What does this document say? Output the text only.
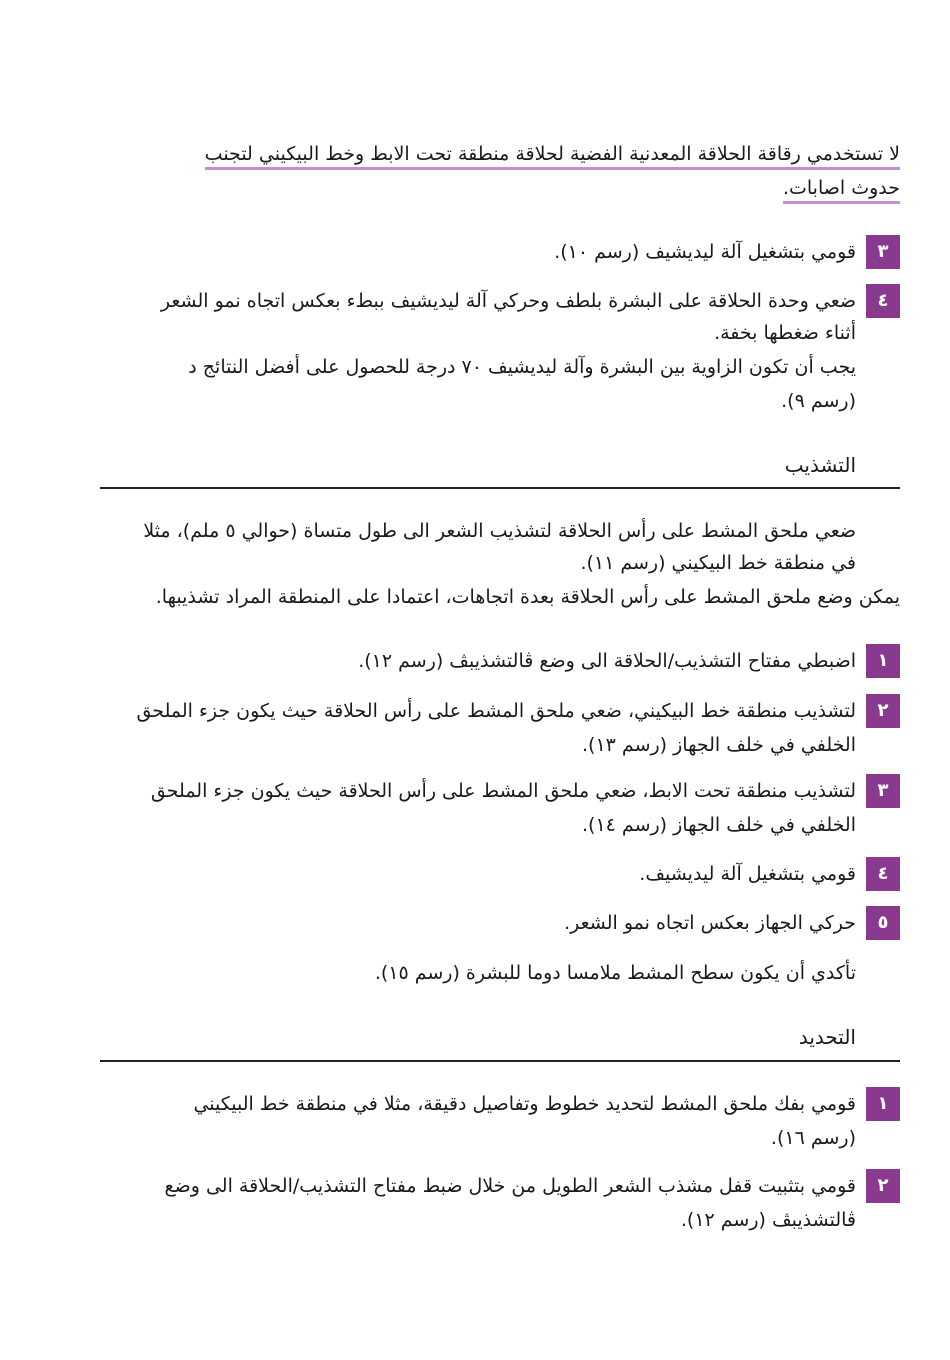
لا تستخدمي رقاقة الحلاقة المعدنية الفضية لحلاقة منطقة تحت الابط وخط البيكيني لتجنب
حدوث اصابات.
٣
قومي بتشغيل آلة ليديشيف (رسم ١٠).
٤
ضعي وحدة الحلاقة على البشرة بلطف وحركي آلة ليديشيف ببطء بعكس اتجاه نمو الشعر
أثناء ضغطها بخفة.
يجب أن تكون الزاوية بين البشرة وآلة ليديشيف ٧٠ درجة للحصول على أفضل النتائج د
(رسم ٩).
التشذيب
ضعي ملحق المشط على رأس الحلاقة لتشذيب الشعر الى طول متساة (حوالي ٥ ملم)، مثلا
في منطقة خط البيكيني (رسم ١١).
يمكن وضع ملحق المشط على رأس الحلاقة بعدة اتجاهات، اعتمادا على المنطقة المراد تشذيبها.
١
اضبطي مفتاح التشذيب/الحلاقة الى وضع ڤالتشذيبڤ (رسم ١٢).
٢
لتشذيب منطقة خط البيكيني، ضعي ملحق المشط على رأس الحلاقة حيث يكون جزء الملحق
الخلفي في خلف الجهاز (رسم ١٣).
٣
لتشذيب منطقة تحت الابط، ضعي ملحق المشط على رأس الحلاقة حيث يكون جزء الملحق
الخلفي في خلف الجهاز (رسم ١٤).
٤
قومي بتشغيل آلة ليديشيف.
٥
حركي الجهاز بعكس اتجاه نمو الشعر.
تأكدي أن يكون سطح المشط ملامسا دوما للبشرة (رسم ١٥).
التحديد
١
قومي بفك ملحق المشط لتحديد خطوط وتفاصيل دقيقة، مثلا في منطقة خط البيكيني
(رسم ١٦).
٢
قومي بتثبيت قفل مشذب الشعر الطويل من خلال ضبط مفتاح التشذيب/الحلاقة الى وضع
ڤالتشذيبڤ (رسم ١٢).
